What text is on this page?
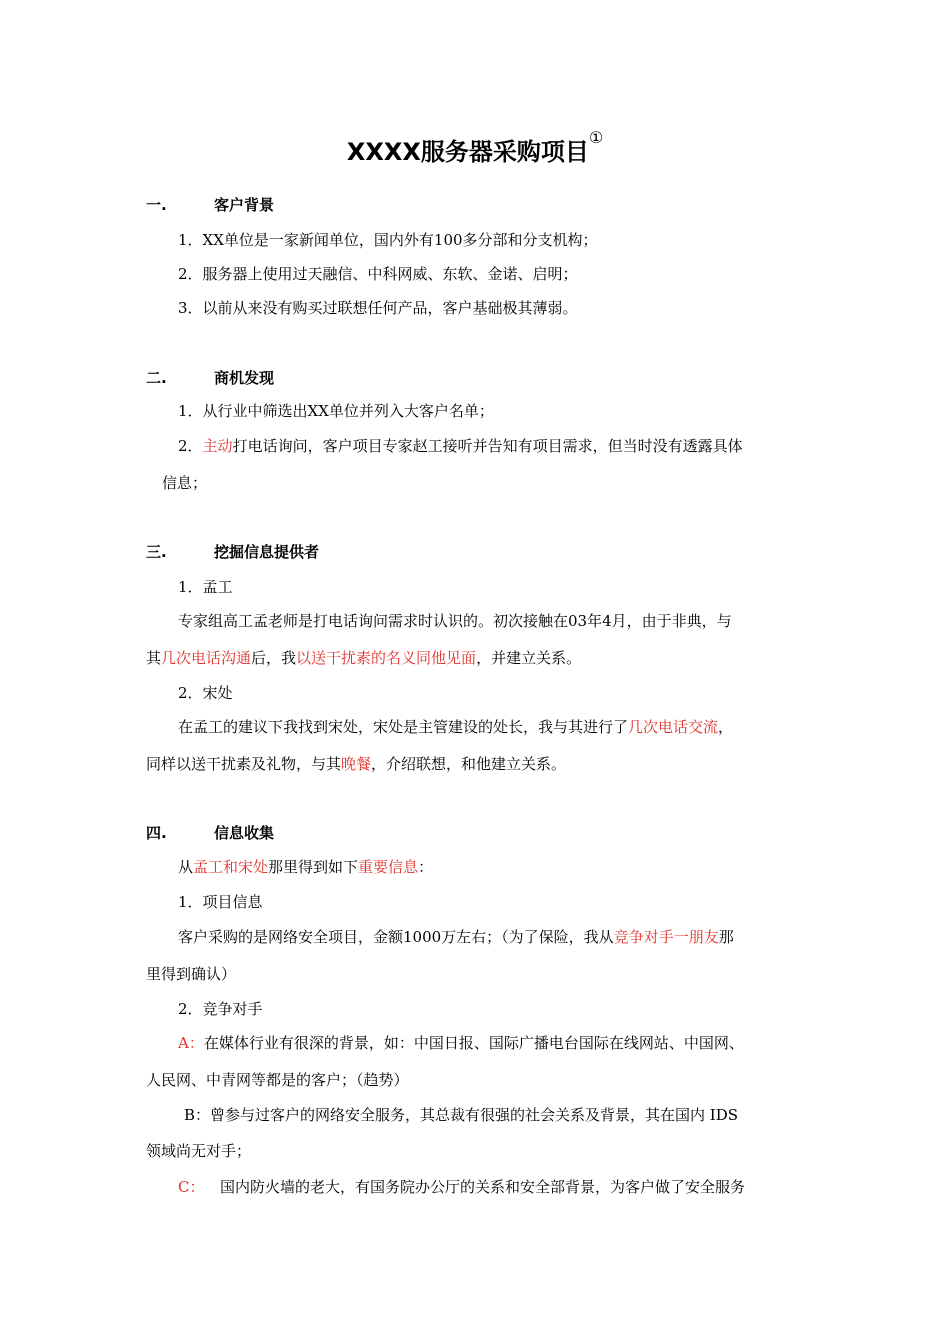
XXXX服务器采购项目①
一.	客户背景
1．XX单位是一家新闻单位，国内外有100多分部和分支机构；
2．服务器上使用过天融信、中科网威、东软、金诺、启明；
3．以前从来没有购买过联想任何产品，客户基础极其薄弱。
二.	商机发现
1．从行业中筛选出XX单位并列入大客户名单；
2．主动打电话询问，客户项目专家赵工接听并告知有项目需求，但当时没有透露具体
信息；
三.	挖掘信息提供者
1．孟工
专家组高工孟老师是打电话询问需求时认识的。初次接触在03年4月，由于非典，与
其几次电话沟通后，我以送干扰素的名义同他见面，并建立关系。
2．宋处
在孟工的建议下我找到宋处，宋处是主管建设的处长，我与其进行了几次电话交流，
同样以送干扰素及礼物，与其晚餐，介绍联想，和他建立关系。
四.	信息收集
从孟工和宋处那里得到如下重要信息：
1．项目信息
客户采购的是网络安全项目，金额1000万左右；（为了保险，我从竞争对手一朋友那
里得到确认）
2．竞争对手
A：在媒体行业有很深的背景，如：中国日报、国际广播电台国际在线网站、中国网、
人民网、中青网等都是的客户；（趋势）
B：曾参与过客户的网络安全服务，其总裁有很强的社会关系及背景，其在国内 IDS
领域尚无对手；
C： 国内防火墙的老大，有国务院办公厅的关系和安全部背景，为客户做了安全服务
